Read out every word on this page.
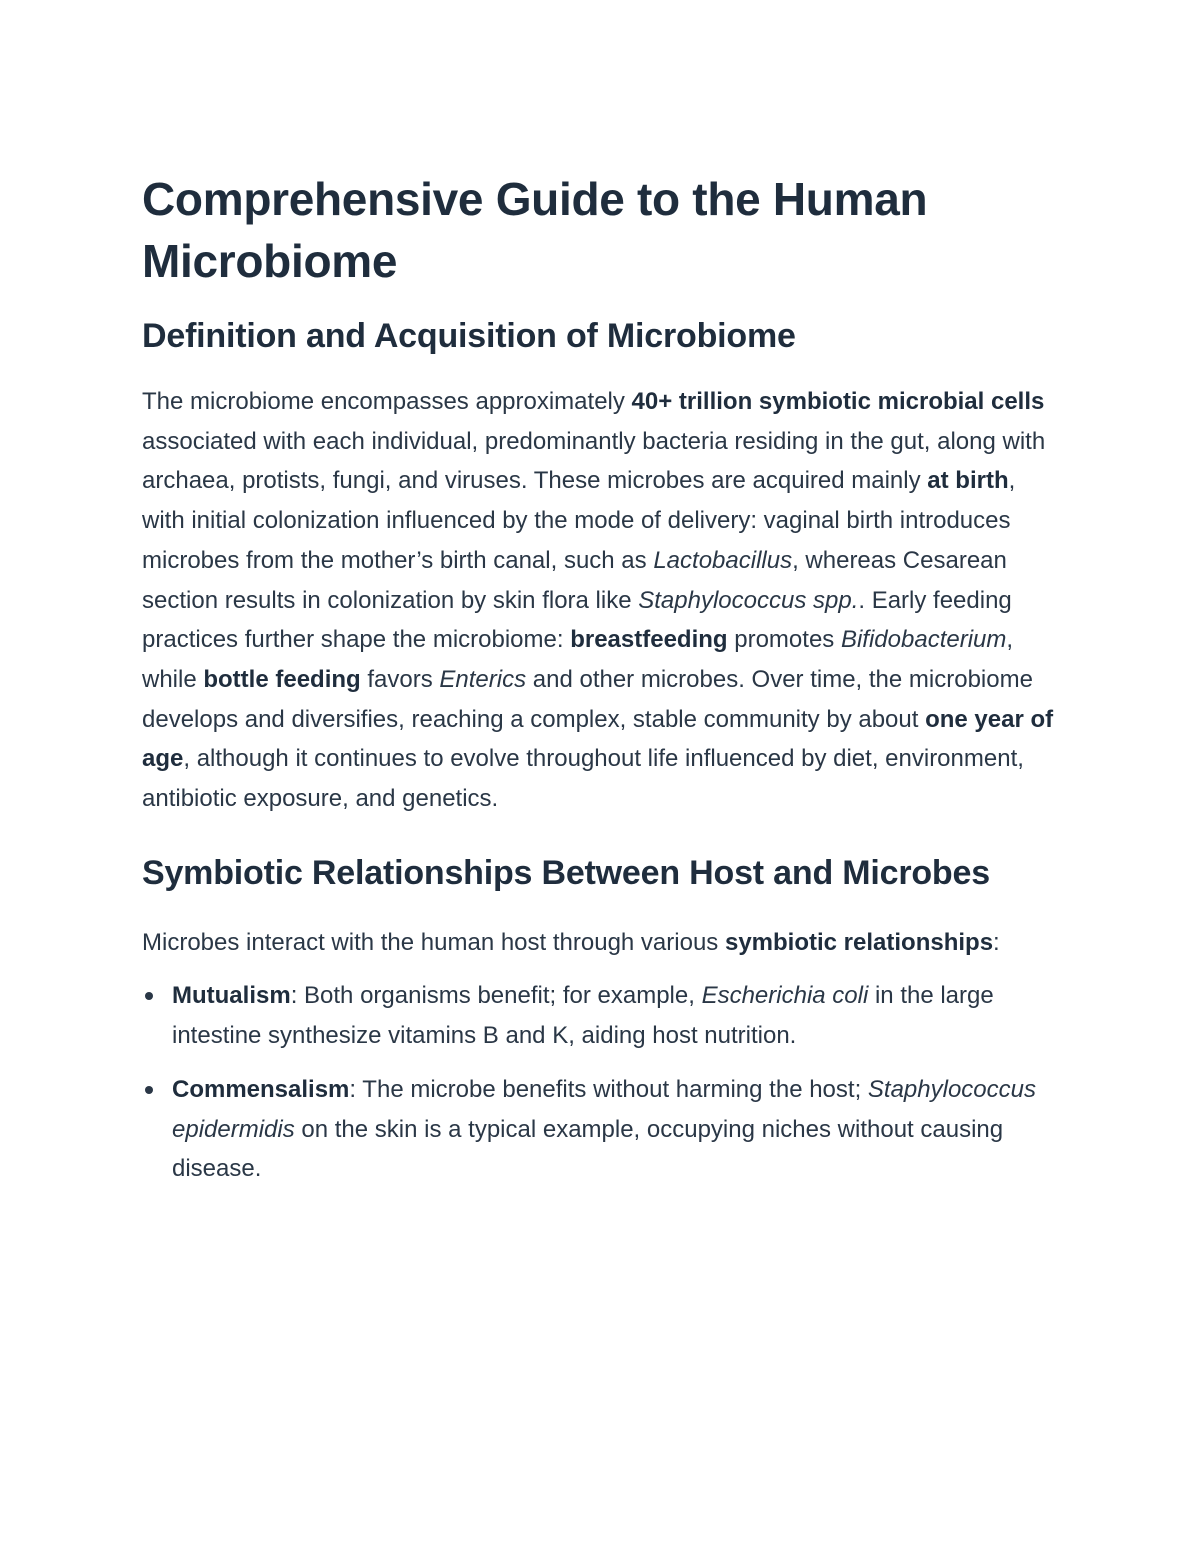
Comprehensive Guide to the Human Microbiome
Definition and Acquisition of Microbiome

The microbiome encompasses approximately 40+ trillion symbiotic microbial cells associated with each individual, predominantly bacteria residing in the gut, along with archaea, protists, fungi, and viruses. These microbes are acquired mainly at birth, with initial colonization influenced by the mode of delivery: vaginal birth introduces microbes from the mother’s birth canal, such as Lactobacillus, whereas Cesarean section results in colonization by skin flora like Staphylococcus spp.. Early feeding practices further shape the microbiome: breastfeeding promotes Bifidobacterium, while bottle feeding favors Enterics and other microbes. Over time, the microbiome develops and diversifies, reaching a complex, stable community by about one year of age, although it continues to evolve throughout life influenced by diet, environment, antibiotic exposure, and genetics.

Symbiotic Relationships Between Host and Microbes

Microbes interact with the human host through various symbiotic relationships:

Mutualism: Both organisms benefit; for example, Escherichia coli in the large intestine synthesize vitamins B and K, aiding host nutrition.
Commensalism: The microbe benefits without harming the host; Staphylococcus epidermidis on the skin is a typical example, occupying niches without causing disease.
